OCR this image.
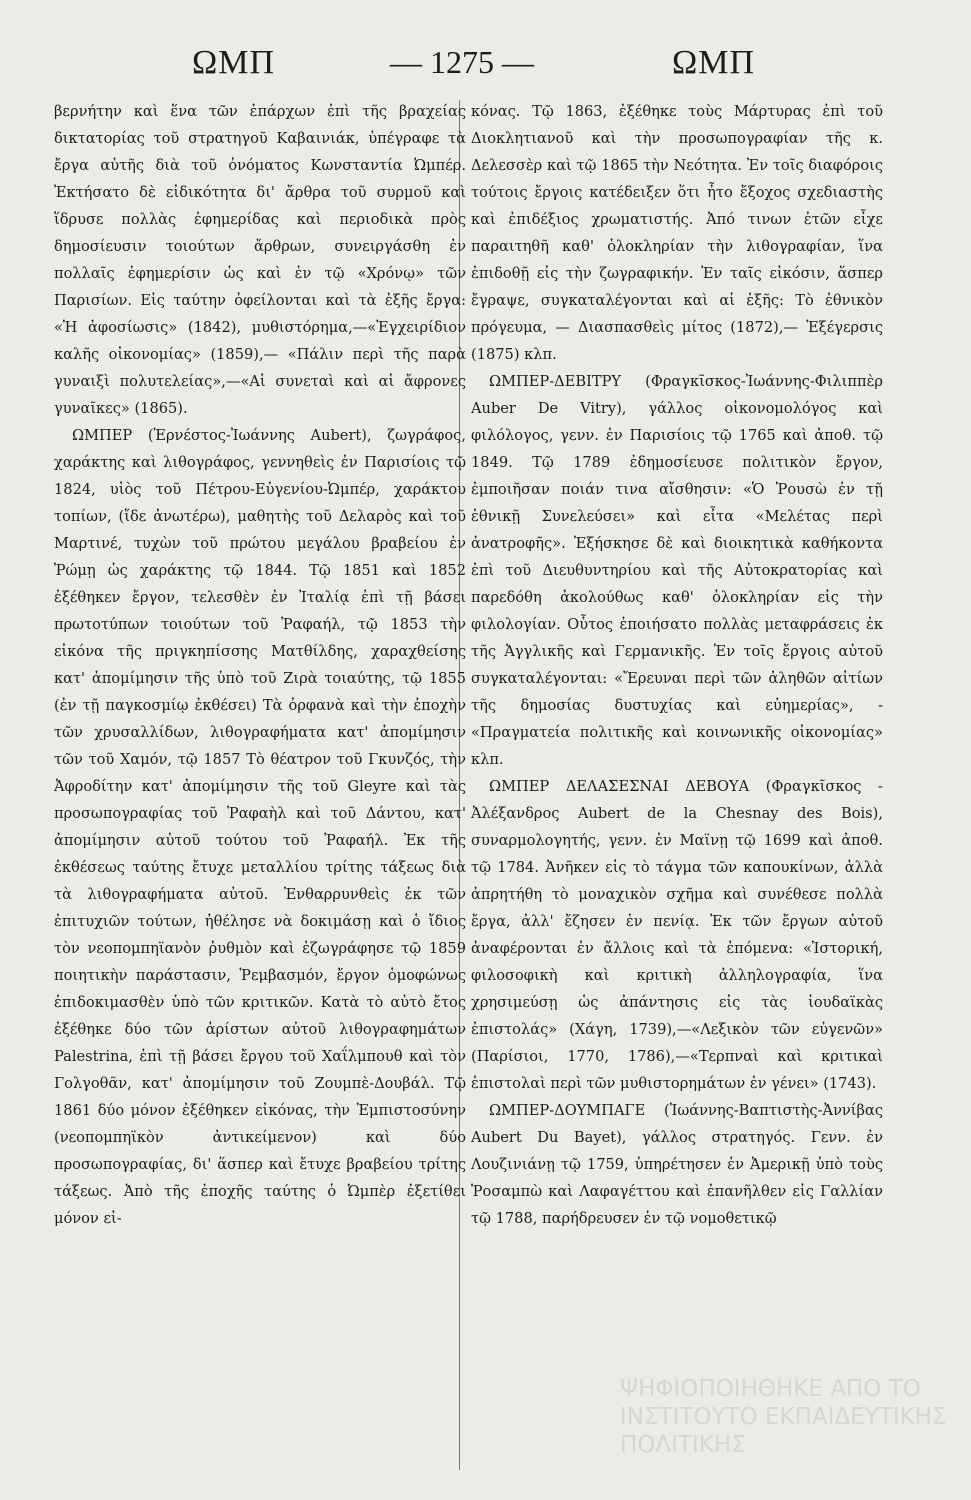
ΩΜΠ	— 1275 —	ΩΜΠ

βερνήτην καὶ ἕνα τῶν ἐπάρχων ἐπὶ τῆς βραχείας δικτατορίας τοῦ στρατηγοῦ Καβαινιάκ, ὑπέγραφε τὰ ἔργα αὐτῆς διὰ τοῦ ὀνόματος Κωνσταντία Ὠμπέρ. Ἐκτήσατο δὲ εἰδικότητα δι' ἄρθρα τοῦ συρμοῦ καὶ ἵδρυσε πολλὰς ἐφημερίδας καὶ περιοδικὰ πρὸς δημοσίευσιν τοιούτων ἄρθρων, συνειργάσθη ἐν πολλαῖς ἐφημερίσιν ὡς καὶ ἐν τῷ «Χρόνῳ» τῶν Παρισίων. Εἰς ταύτην ὀφείλονται καὶ τὰ ἑξῆς ἔργα: «Ἡ ἀφοσίωσις» (1842), μυθιστόρημα,—«Ἐγχειρίδιον καλῆς οἰκονομίας» (1859),— «Πάλιν περὶ τῆς παρὰ γυναιξὶ πολυτελείας»,—«Αἱ συνεταὶ καὶ αἱ ἄφρονες γυναῖκες» (1865).

ΩΜΠΕΡ (Ἐρνέστος-Ἰωάννης Aubert), ζωγράφος, χαράκτης καὶ λιθογράφος, γεννηθεὶς ἐν Παρισίοις τῷ 1824, υἱὸς τοῦ Πέτρου-Εὐγενίου-Ὠμπέρ, χαράκτου τοπίων, (ἴδε ἀνωτέρω), μαθητὴς τοῦ Δελαρὸς καὶ τοῦ Μαρτινέ, τυχὼν τοῦ πρώτου μεγάλου βραβείου ἐν Ῥώμῃ ὡς χαράκτης τῷ 1844. Τῷ 1851 καὶ 1852 ἐξέθηκεν ἔργον, τελεσθὲν ἐν Ἰταλίᾳ ἐπὶ τῇ βάσει πρωτοτύπων τοιούτων τοῦ Ῥαφαήλ, τῷ 1853 τὴν εἰκόνα τῆς πριγκηπίσσης Ματθίλδης, χαραχθείσης κατ' ἀπομίμησιν τῆς ὑπὸ τοῦ Ζιρὰ τοιαύτης, τῷ 1855 (ἐν τῇ παγκοσμίῳ ἐκθέσει) Τὰ ὀρφανὰ καὶ τὴν ἐποχὴν τῶν χρυσαλλίδων, λιθογραφήματα κατ' ἀπομίμησιν τῶν τοῦ Χαμόν, τῷ 1857 Τὸ θέατρον τοῦ Γκυνζός, τὴν Ἀφροδίτην κατ' ἀπομίμησιν τῆς τοῦ Gleyre καὶ τὰς προσωπογραφίας τοῦ Ῥαφαὴλ καὶ τοῦ Δάντου, κατ' ἀπομίμησιν αὐτοῦ τούτου τοῦ Ῥαφαήλ. Ἐκ τῆς ἐκθέσεως ταύτης ἔτυχε μεταλλίου τρίτης τάξεως διὰ τὰ λιθογραφήματα αὐτοῦ. Ἐνθαρρυνθεὶς ἐκ τῶν ἐπιτυχιῶν τούτων, ἠθέλησε νὰ δοκιμάσῃ καὶ ὁ ἴδιος τὸν νεοπομπηϊανὸν ῥυθμὸν καὶ ἐζωγράφησε τῷ 1859 ποιητικὴν παράστασιν, Ῥεμβασμόν, ἔργον ὁμοφώνως ἐπιδοκιμασθὲν ὑπὸ τῶν κριτικῶν. Κατὰ τὸ αὐτὸ ἔτος ἐξέθηκε δύο τῶν ἀρίστων αὐτοῦ λιθογραφημάτων Palestrina, ἐπὶ τῇ βάσει ἔργου τοῦ Χαΐλμπουθ καὶ τὸν Γολγοθᾶν, κατ' ἀπομίμησιν τοῦ Ζουμπὲ-Δουβάλ. Τῷ 1861 δύο μόνον ἐξέθηκεν εἰκόνας, τὴν Ἐμπιστοσύνην (νεοπομπηϊκὸν ἀντικείμενον) καὶ δύο προσωπογραφίας, δι' ἅσπερ καὶ ἔτυχε βραβείου τρίτης τάξεως. Ἀπὸ τῆς ἐποχῆς ταύτης ὁ Ὠμπὲρ ἐξετίθει μόνον εἰ-

κόνας. Τῷ 1863, ἐξέθηκε τοὺς Μάρτυρας ἐπὶ τοῦ Διοκλητιανοῦ καὶ τὴν προσωπογραφίαν τῆς κ. Δελεσσὲρ καὶ τῷ 1865 τὴν Νεότητα. Ἐν τοῖς διαφόροις τούτοις ἔργοις κατέδειξεν ὅτι ἦτο ἔξοχος σχεδιαστὴς καὶ ἐπιδέξιος χρωματιστής. Ἀπό τινων ἐτῶν εἶχε παραιτηθῆ καθ' ὁλοκληρίαν τὴν λιθογραφίαν, ἵνα ἐπιδοθῇ εἰς τὴν ζωγραφικήν. Ἐν ταῖς εἰκόσιν, ἅσπερ ἔγραψε, συγκαταλέγονται καὶ αἱ ἑξῆς: Τὸ ἐθνικὸν πρόγευμα, — Διασπασθεὶς μίτος (1872),— Ἐξέγερσις (1875) κλπ.

ΩΜΠΕΡ-ΔΕΒΙΤΡΥ (Φραγκῖσκος-Ἰωάννης-Φιλιππὲρ Auber De Vitry), γάλλος οἰκονομολόγος καὶ φιλόλογος, γενν. ἐν Παρισίοις τῷ 1765 καὶ ἀποθ. τῷ 1849. Τῷ 1789 ἐδημοσίευσε πολιτικὸν ἔργον, ἐμποιῆσαν ποιάν τινα αἴσθησιν: «Ὁ Ῥουσὼ ἐν τῇ ἐθνικῇ Συνελεύσει» καὶ εἶτα «Μελέτας περὶ ἀνατροφῆς». Ἐξήσκησε δὲ καὶ διοικητικὰ καθήκοντα ἐπὶ τοῦ Διευθυντηρίου καὶ τῆς Αὐτοκρατορίας καὶ παρεδόθη ἀκολούθως καθ' ὁλοκληρίαν εἰς τὴν φιλολογίαν. Οὗτος ἐποιήσατο πολλὰς μεταφράσεις ἐκ τῆς Ἀγγλικῆς καὶ Γερμανικῆς. Ἐν τοῖς ἔργοις αὐτοῦ συγκαταλέγονται: «Ἔρευναι περὶ τῶν ἀληθῶν αἰτίων τῆς δημοσίας δυστυχίας καὶ εὐημερίας», - «Πραγματεία πολιτικῆς καὶ κοινωνικῆς οἰκονομίας» κλπ.

ΩΜΠΕΡ ΔΕΛΑΣΕΣΝΑΙ ΔΕΒΟΥΑ (Φραγκῖσκος - Ἀλέξανδρος Aubert de la Chesnay des Bois), συναρμολογητής, γενν. ἐν Μαϊνῃ τῷ 1699 καὶ ἀποθ. τῷ 1784. Ἀνῆκεν εἰς τὸ τάγμα τῶν καπουκίνων, ἀλλὰ ἀπρητήθη τὸ μοναχικὸν σχῆμα καὶ συνέθεσε πολλὰ ἔργα, ἀλλ' ἔζησεν ἐν πενίᾳ. Ἐκ τῶν ἔργων αὐτοῦ ἀναφέρονται ἐν ἄλλοις καὶ τὰ ἑπόμενα: «Ἱστορική, φιλοσοφικὴ καὶ κριτικὴ ἀλληλογραφία, ἵνα χρησιμεύσῃ ὡς ἀπάντησις εἰς τὰς ἰουδαϊκὰς ἐπιστολάς» (Χάγη, 1739),—«Λεξικὸν τῶν εὐγενῶν» (Παρίσιοι, 1770, 1786),—«Τερπναὶ καὶ κριτικαὶ ἐπιστολαὶ περὶ τῶν μυθιστορημάτων ἐν γένει» (1743).

ΩΜΠΕΡ-ΔΟΥΜΠΑΓΕ (Ἰωάννης-Βαπτιστὴς-Ἀννίβας Aubert Du Bayet), γάλλος στρατηγός. Γενν. ἐν Λουζινιάνῃ τῷ 1759, ὑπηρέτησεν ἐν Ἀμερικῇ ὑπὸ τοὺς Ῥοσαμπὼ καὶ Λαφαγέττου καὶ ἐπανῆλθεν εἰς Γαλλίαν τῷ 1788, παρήδρευσεν ἐν τῷ νομοθετικῷ

ΨΗΦΙΟΠΟΙΗΘΗΚΕ ΑΠΟ ΤΟ ΙΝΣΤΙΤΟΥΤΟ ΕΚΠΑΙΔΕΥΤΙΚΗΣ ΠΟΛΙΤΙΚΗΣ
